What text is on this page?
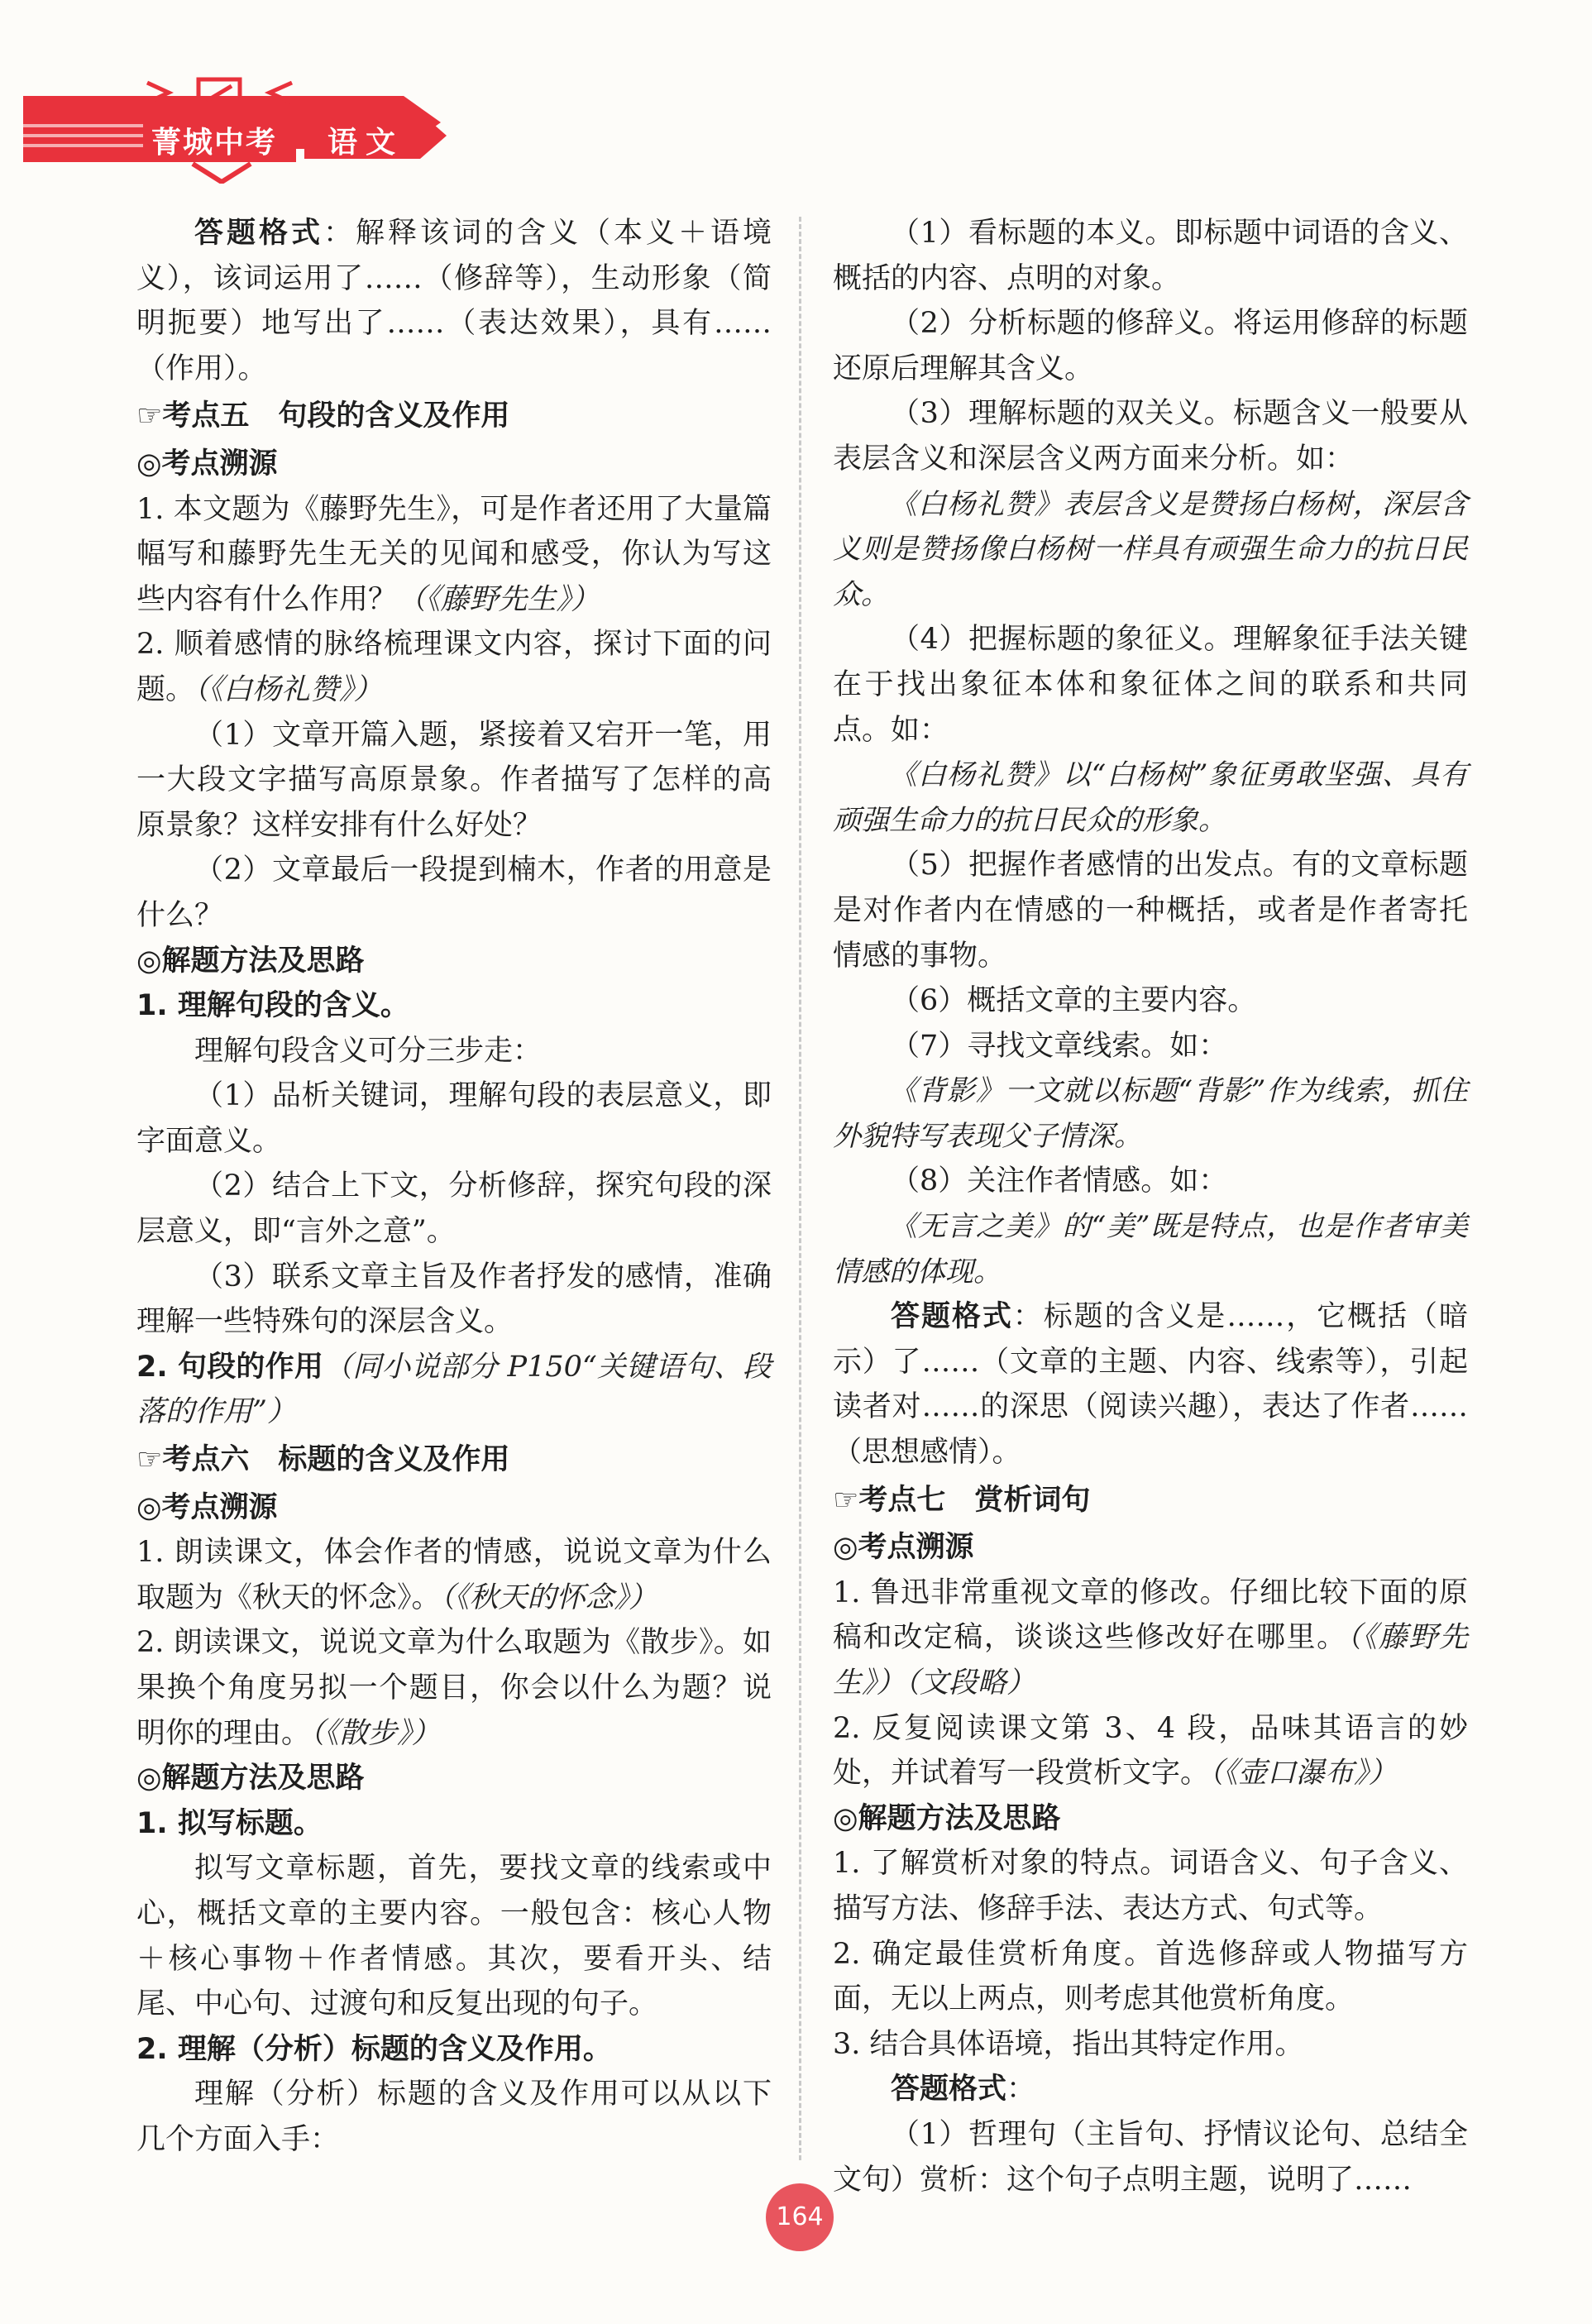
菁城中考 语文

答题格式：解释该词的含义（本义＋语境义），该词运用了……（修辞等），生动形象（简明扼要）地写出了……（表达效果），具有……（作用）。

☞考点五　句段的含义及作用

◎考点溯源

1. 本文题为《藤野先生》，可是作者还用了大量篇幅写和藤野先生无关的见闻和感受，你认为写这些内容有什么作用？（《藤野先生》）

2. 顺着感情的脉络梳理课文内容，探讨下面的问题。（《白杨礼赞》）

（1）文章开篇入题，紧接着又宕开一笔，用一大段文字描写高原景象。作者描写了怎样的高原景象？这样安排有什么好处？

（2）文章最后一段提到楠木，作者的用意是什么？

◎解题方法及思路

1. 理解句段的含义。

理解句段含义可分三步走：

（1）品析关键词，理解句段的表层意义，即字面意义。

（2）结合上下文，分析修辞，探究句段的深层意义，即“言外之意”。

（3）联系文章主旨及作者抒发的感情，准确理解一些特殊句的深层含义。

2. 句段的作用（同小说部分 P150“关键语句、段落的作用”）

☞考点六　标题的含义及作用

◎考点溯源

1. 朗读课文，体会作者的情感，说说文章为什么取题为《秋天的怀念》。（《秋天的怀念》）

2. 朗读课文，说说文章为什么取题为《散步》。如果换个角度另拟一个题目，你会以什么为题？说明你的理由。（《散步》）

◎解题方法及思路

1. 拟写标题。

拟写文章标题，首先，要找文章的线索或中心，概括文章的主要内容。一般包含：核心人物＋核心事物＋作者情感。其次，要看开头、结尾、中心句、过渡句和反复出现的句子。

2. 理解（分析）标题的含义及作用。

理解（分析）标题的含义及作用可以从以下几个方面入手：

（1）看标题的本义。即标题中词语的含义、概括的内容、点明的对象。

（2）分析标题的修辞义。将运用修辞的标题还原后理解其含义。

（3）理解标题的双关义。标题含义一般要从表层含义和深层含义两方面来分析。如：

《白杨礼赞》表层含义是赞扬白杨树，深层含义则是赞扬像白杨树一样具有顽强生命力的抗日民众。

（4）把握标题的象征义。理解象征手法关键在于找出象征本体和象征体之间的联系和共同点。如：

《白杨礼赞》以“白杨树”象征勇敢坚强、具有顽强生命力的抗日民众的形象。

（5）把握作者感情的出发点。有的文章标题是对作者内在情感的一种概括，或者是作者寄托情感的事物。

（6）概括文章的主要内容。

（7）寻找文章线索。如：

《背影》一文就以标题“背影”作为线索，抓住外貌特写表现父子情深。

（8）关注作者情感。如：

《无言之美》的“美”既是特点，也是作者审美情感的体现。

答题格式：标题的含义是……，它概括（暗示）了……（文章的主题、内容、线索等），引起读者对……的深思（阅读兴趣），表达了作者……（思想感情）。

☞考点七　赏析词句

◎考点溯源

1. 鲁迅非常重视文章的修改。仔细比较下面的原稿和改定稿，谈谈这些修改好在哪里。（《藤野先生》）（文段略）

2. 反复阅读课文第 3、4 段，品味其语言的妙处，并试着写一段赏析文字。（《壶口瀑布》）

◎解题方法及思路

1. 了解赏析对象的特点。词语含义、句子含义、描写方法、修辞手法、表达方式、句式等。

2. 确定最佳赏析角度。首选修辞或人物描写方面，无以上两点，则考虑其他赏析角度。

3. 结合具体语境，指出其特定作用。

答题格式：

（1）哲理句（主旨句、抒情议论句、总结全文句）赏析：这个句子点明主题，说明了……

164
